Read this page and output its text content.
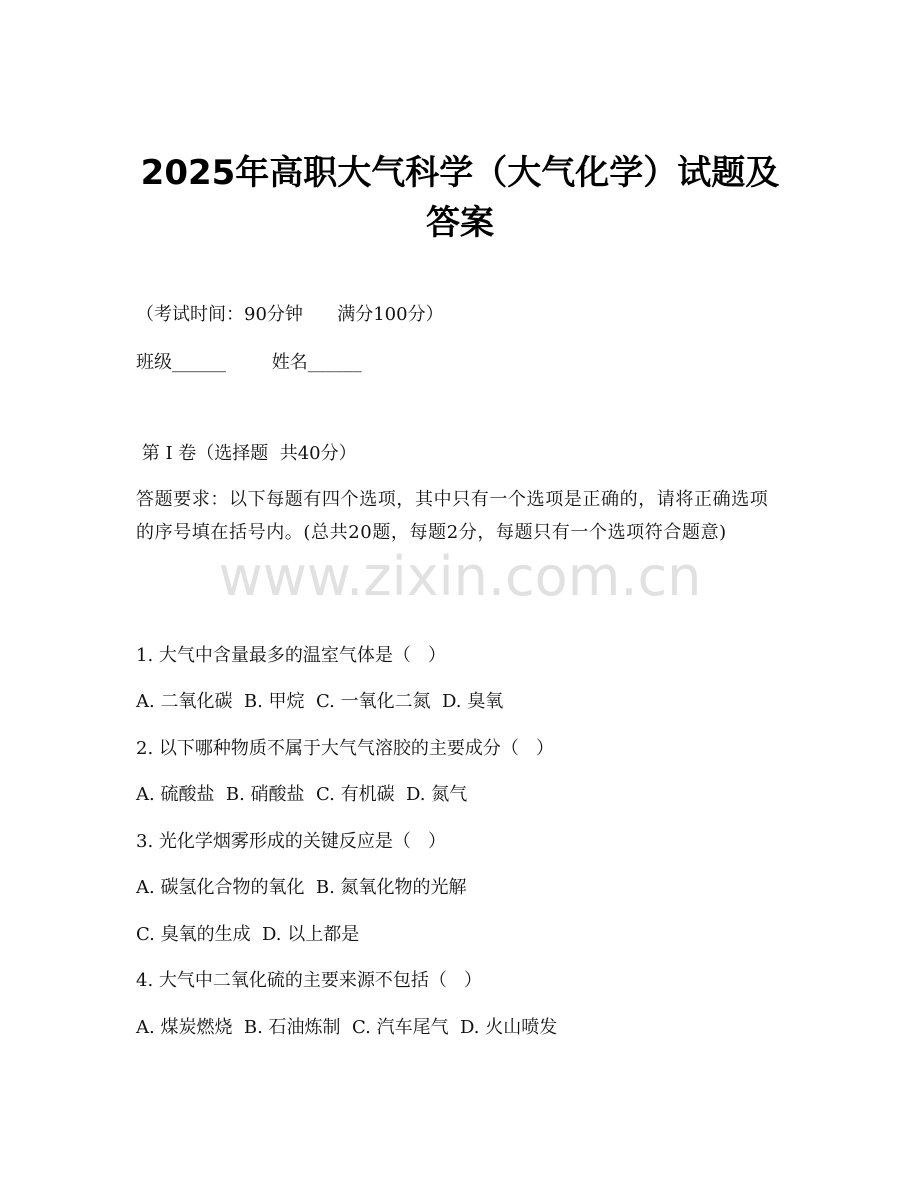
2025年高职大气科学（大气化学）试题及答案
（考试时间：90分钟      满分100分）
班级______        姓名______
第 I 卷（选择题  共40分）
答题要求：以下每题有四个选项，其中只有一个选项是正确的，请将正确选项的序号填在括号内。(总共20题，每题2分，每题只有一个选项符合题意)
1. 大气中含量最多的温室气体是（   ）
A. 二氧化碳  B. 甲烷  C. 一氧化二氮  D. 臭氧
2. 以下哪种物质不属于大气气溶胶的主要成分（   ）
A. 硫酸盐  B. 硝酸盐  C. 有机碳  D. 氮气
3. 光化学烟雾形成的关键反应是（   ）
A. 碳氢化合物的氧化  B. 氮氧化物的光解
C. 臭氧的生成  D. 以上都是
4. 大气中二氧化硫的主要来源不包括（   ）
A. 煤炭燃烧  B. 石油炼制  C. 汽车尾气  D. 火山喷发
www.zixin.com.cn
